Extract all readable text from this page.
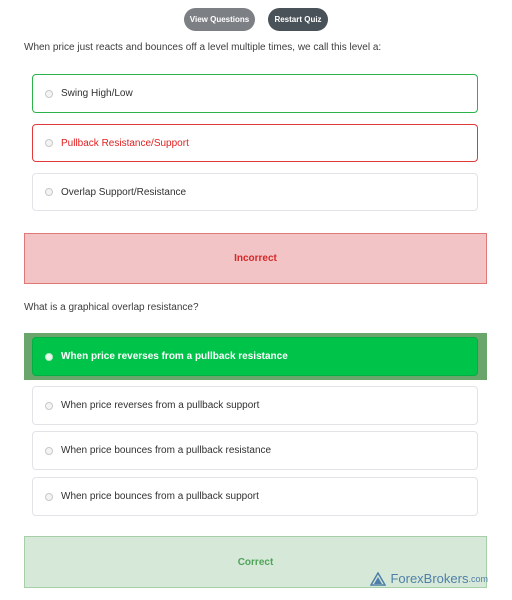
View Questions	Restart Quiz
When price just reacts and bounces off a level multiple times, we call this level a:
Swing High/Low
Pullback Resistance/Support
Overlap Support/Resistance
Incorrect
What is a graphical overlap resistance?
When price reverses from a pullback resistance
When price reverses from a pullback support
When price bounces from a pullback resistance
When price bounces from a pullback support
Correct
ForexBrokers .com
